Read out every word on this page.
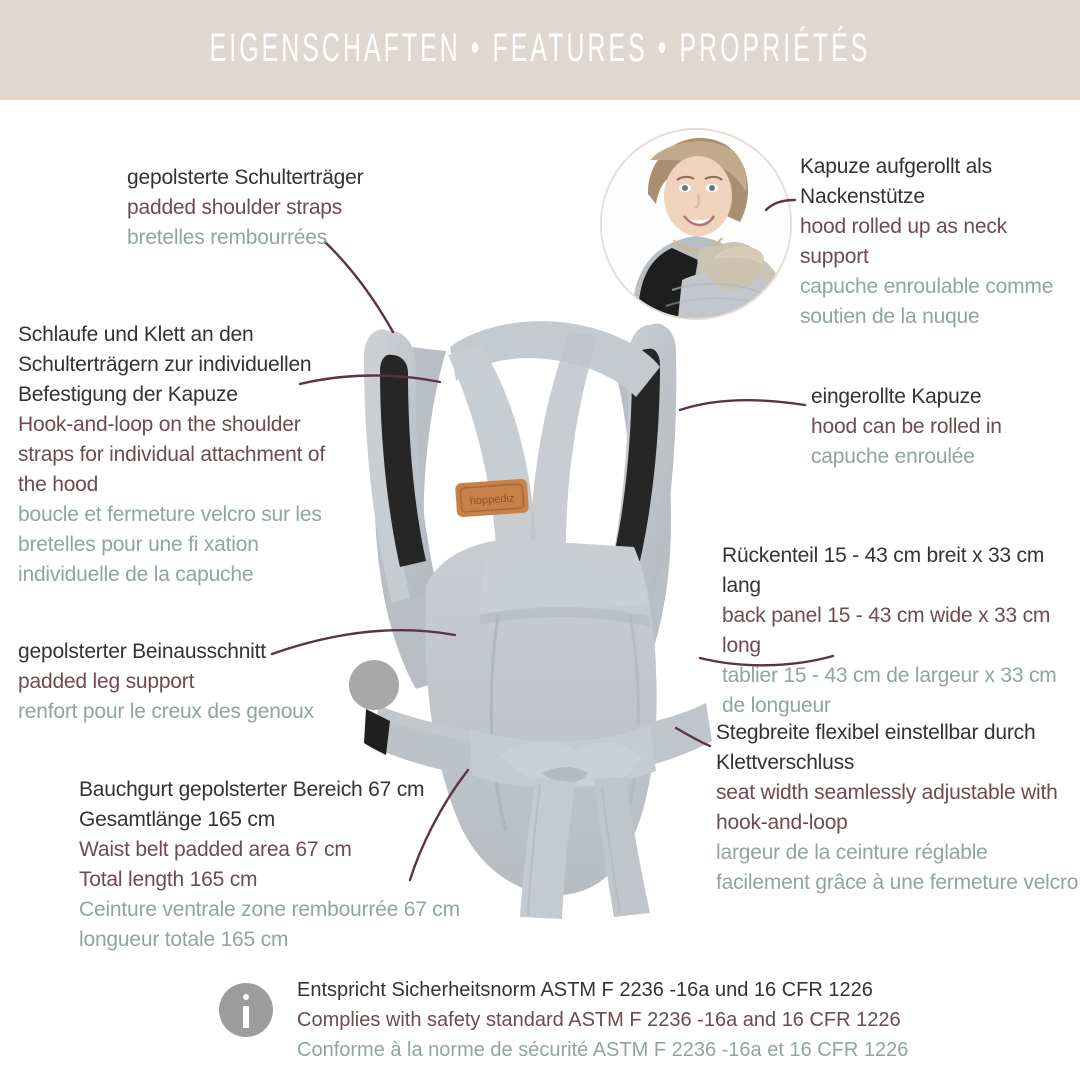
EIGENSCHAFTEN • FEATURES • PROPRIÉTÉS
hoppediz
gepolsterte Schulterträger
padded shoulder straps
bretelles rembourrées
Schlaufe und Klett an den Schulterträgern zur individuellen Befestigung der Kapuze
Hook-and-loop on the shoulder straps for individual attachment of the hood
boucle et fermeture velcro sur les bretelles pour une fi xation individuelle de la capuche
gepolsterter Beinausschnitt
padded leg support
renfort pour le creux des genoux
Bauchgurt gepolsterter Bereich 67 cm
Gesamtlänge 165 cm
Waist belt padded area 67 cm
Total length 165 cm
Ceinture ventrale zone rembourrée 67 cm
longueur totale 165 cm
Kapuze aufgerollt als Nackenstütze
hood rolled up as neck support
capuche enroulable comme soutien de la nuque
eingerollte Kapuze
hood can be rolled in
capuche enroulée
Rückenteil 15 - 43 cm breit x 33 cm lang
back panel 15 - 43 cm wide x 33 cm long
tablier 15 - 43 cm de largeur x 33 cm de longueur
Stegbreite flexibel einstellbar durch Klettverschluss
seat width seamlessly adjustable with hook-and-loop
largeur de la ceinture réglable facilement grâce à une fermeture velcro
Entspricht Sicherheitsnorm ASTM F 2236 -16a und 16 CFR 1226
Complies with safety standard ASTM F 2236 -16a and 16 CFR 1226
Conforme à la norme de sécurité ASTM F 2236 -16a et 16 CFR 1226
